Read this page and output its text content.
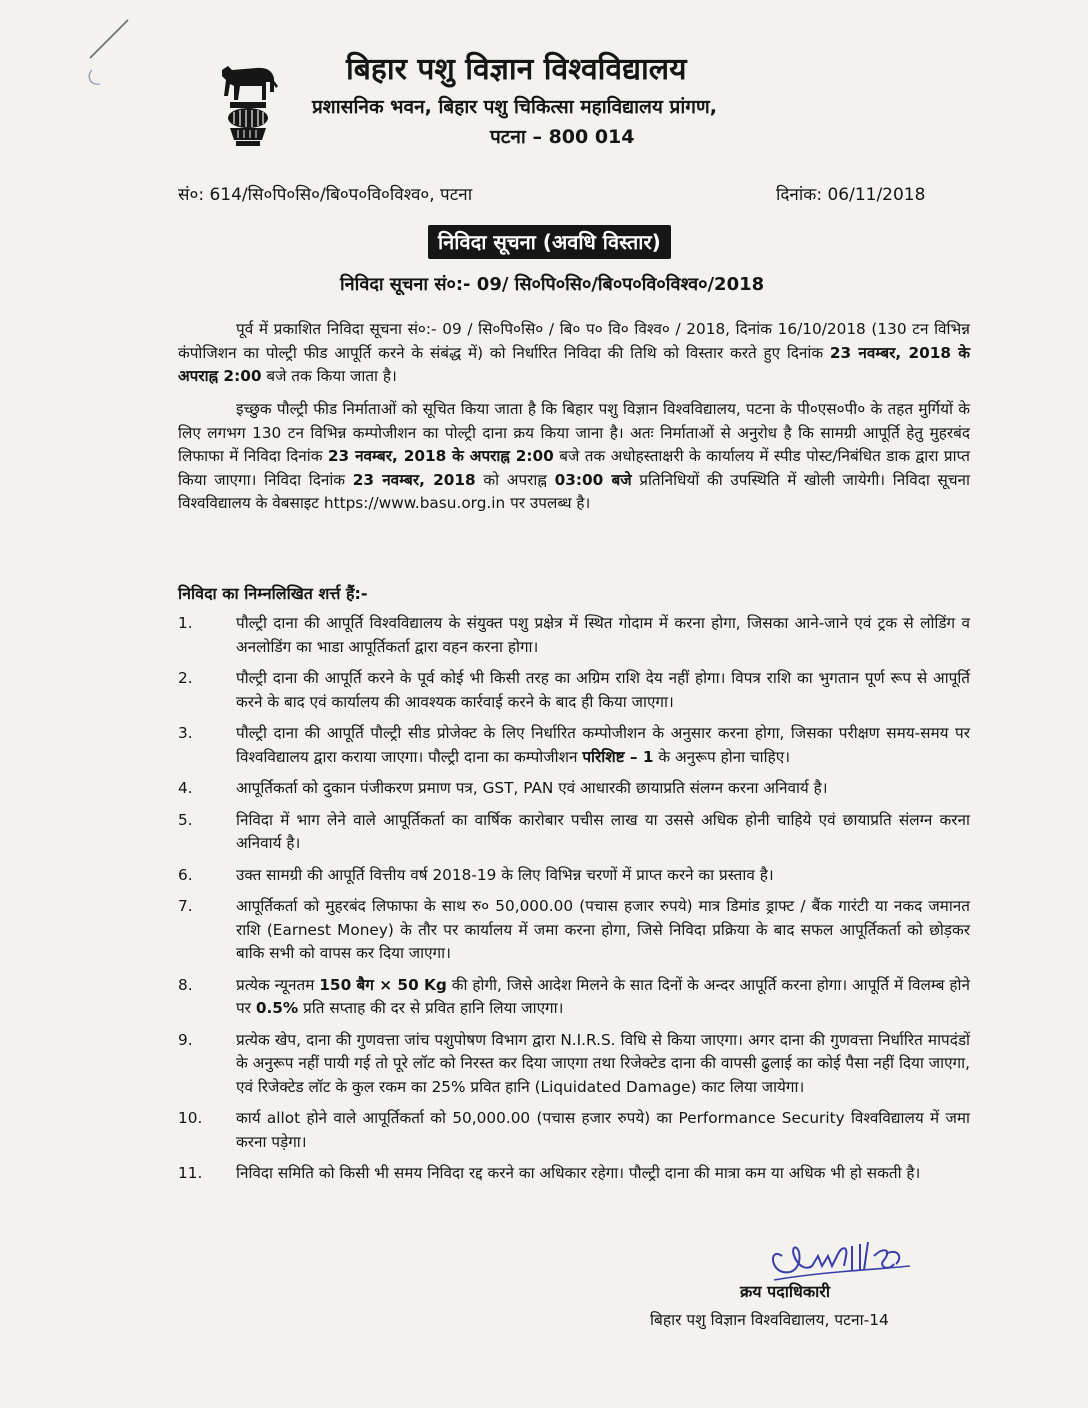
बिहार पशु विज्ञान विश्वविद्यालय
प्रशासनिक भवन, बिहार पशु चिकित्सा महाविद्यालय प्रांगण,
पटना – 800 014
सं०: 614/सि०पि०सि०/बि०प०वि०विश्व०, पटना	दिनांक: 06/11/2018
निविदा सूचना (अवधि विस्तार)
निविदा सूचना सं०:- 09/ सि०पि०सि०/बि०प०वि०विश्व०/2018
पूर्व में प्रकाशित निविदा सूचना सं०:- 09 / सि०पि०सि० / बि० प० वि० विश्व० / 2018, दिनांक 16/10/2018 (130 टन विभिन्न कंपोजिशन का पोल्ट्री फीड आपूर्ति करने के संबंद्ध में) को निर्धारित निविदा की तिथि को विस्तार करते हुए दिनांक 23 नवम्बर, 2018 के अपराह्न 2:00 बजे तक किया जाता है।
इच्छुक पौल्ट्री फीड निर्माताओं को सूचित किया जाता है कि बिहार पशु विज्ञान विश्वविद्यालय, पटना के पी०एस०पी० के तहत मुर्गियों के लिए लगभग 130 टन विभिन्न कम्पोजीशन का पोल्ट्री दाना क्रय किया जाना है। अतः निर्माताओं से अनुरोध है कि सामग्री आपूर्ति हेतु मुहरबंद लिफाफा में निविदा दिनांक 23 नवम्बर, 2018 के अपराह्न 2:00 बजे तक अधोहस्ताक्षरी के कार्यालय में स्पीड पोस्ट/निबंधित डाक द्वारा प्राप्त किया जाएगा। निविदा दिनांक 23 नवम्बर, 2018 को अपराह्न 03:00 बजे प्रतिनिधियों की उपस्थिति में खोली जायेगी। निविदा सूचना विश्वविद्यालय के वेबसाइट https://www.basu.org.in पर उपलब्ध है।
निविदा का निम्नलिखित शर्त्त हैं:-
1.	पौल्ट्री दाना की आपूर्ति विश्वविद्यालय के संयुक्त पशु प्रक्षेत्र में स्थित गोदाम में करना होगा, जिसका आने-जाने एवं ट्रक से लोडिंग व अनलोडिंग का भाडा आपूर्तिकर्ता द्वारा वहन करना होगा।
2.	पौल्ट्री दाना की आपूर्ति करने के पूर्व कोई भी किसी तरह का अग्रिम राशि देय नहीं होगा। विपत्र राशि का भुगतान पूर्ण रूप से आपूर्ति करने के बाद एवं कार्यालय की आवश्यक कार्रवाई करने के बाद ही किया जाएगा।
3.	पौल्ट्री दाना की आपूर्ति पौल्ट्री सीड प्रोजेक्ट के लिए निर्धारित कम्पोजीशन के अनुसार करना होगा, जिसका परीक्षण समय-समय पर विश्वविद्यालय द्वारा कराया जाएगा। पौल्ट्री दाना का कम्पोजीशन परिशिष्ट – 1 के अनुरूप होना चाहिए।
4.	आपूर्तिकर्ता को दुकान पंजीकरण प्रमाण पत्र, GST, PAN एवं आधारकी छायाप्रति संलग्न करना अनिवार्य है।
5.	निविदा में भाग लेने वाले आपूर्तिकर्ता का वार्षिक कारोबार पचीस लाख या उससे अधिक होनी चाहिये एवं छायाप्रति संलग्न करना अनिवार्य है।
6.	उक्त सामग्री की आपूर्ति वित्तीय वर्ष 2018-19 के लिए विभिन्न चरणों में प्राप्त करने का प्रस्ताव है।
7.	आपूर्तिकर्ता को मुहरबंद लिफाफा के साथ रु० 50,000.00 (पचास हजार रुपये) मात्र डिमांड ड्राफ्ट / बैंक गारंटी या नकद जमानत राशि (Earnest Money) के तौर पर कार्यालय में जमा करना होगा, जिसे निविदा प्रक्रिया के बाद सफल आपूर्तिकर्ता को छोड़कर बाकि सभी को वापस कर दिया जाएगा।
8.	प्रत्येक न्यूनतम 150 बैग × 50 Kg की होगी, जिसे आदेश मिलने के सात दिनों के अन्दर आपूर्ति करना होगा। आपूर्ति में विलम्ब होने पर 0.5% प्रति सप्ताह की दर से प्रवित हानि लिया जाएगा।
9.	प्रत्येक खेप, दाना की गुणवत्ता जांच पशुपोषण विभाग द्वारा N.I.R.S. विधि से किया जाएगा। अगर दाना की गुणवत्ता निर्धारित मापदंडों के अनुरूप नहीं पायी गई तो पूरे लॉट को निरस्त कर दिया जाएगा तथा रिजेक्टेड दाना की वापसी ढुलाई का कोई पैसा नहीं दिया जाएगा, एवं रिजेक्टेड लॉट के कुल रकम का 25% प्रवित हानि (Liquidated Damage) काट लिया जायेगा।
10.	कार्य allot होने वाले आपूर्तिकर्ता को 50,000.00 (पचास हजार रुपये) का Performance Security विश्वविद्यालय में जमा करना पड़ेगा।
11.	निविदा समिति को किसी भी समय निविदा रद्द करने का अधिकार रहेगा। पौल्ट्री दाना की मात्रा कम या अधिक भी हो सकती है।
क्रय पदाधिकारी
बिहार पशु विज्ञान विश्वविद्यालय, पटना-14
